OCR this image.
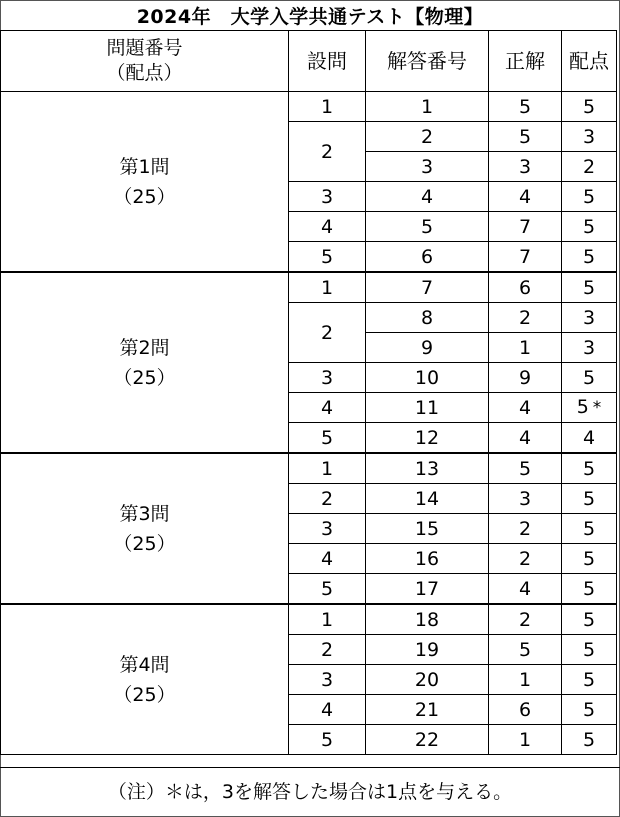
2024年　大学入学共通テスト【物理】
問題番号
（配点）	設問	解答番号	正解	配点
第1問
（25）	1	1	5	5
	2	2	5	3
		3	3	2
	3	4	4	5
	4	5	7	5
	5	6	7	5
第2問
（25）	1	7	6	5
	2	8	2	3
		9	1	3
	3	10	9	5
	4	11	4	5 *
	5	12	4	4
第3問
（25）	1	13	5	5
	2	14	3	5
	3	15	2	5
	4	16	2	5
	5	17	4	5
第4問
（25）	1	18	2	5
	2	19	5	5
	3	20	1	5
	4	21	6	5
	5	22	1	5
（注）＊は，3を解答した場合は1点を与える。
